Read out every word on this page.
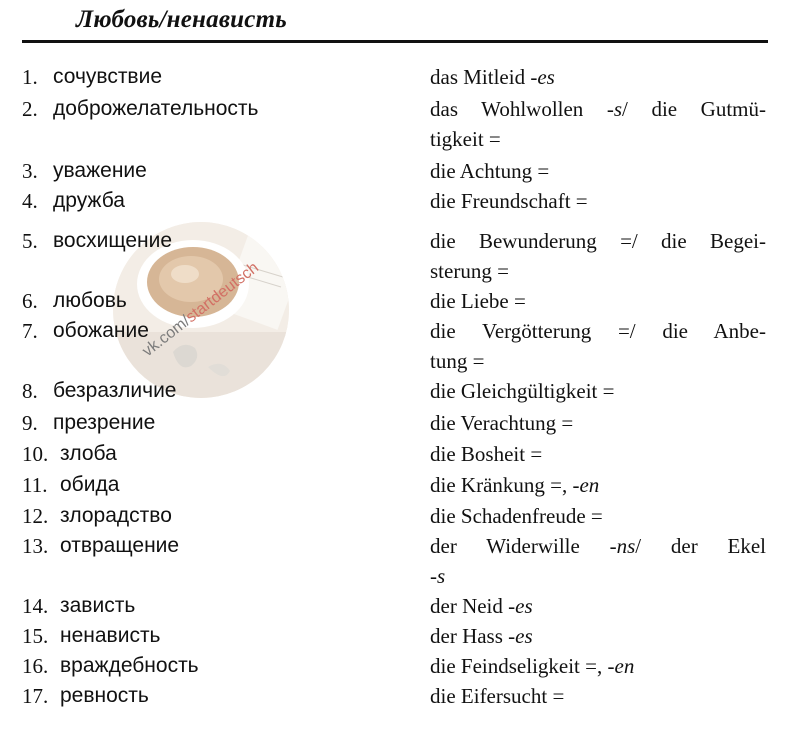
Любовь/ненависть
vk.com/
startdeutsch
1. сочувствие	das Mitleid -es
2. доброжелательность	das Wohlwollen -s/ die Gutmü-
tigkeit =
3. уважение	die Achtung =
4. дружба	die Freundschaft =
5. восхищение	die Bewunderung =/ die Begei-
sterung =
6. любовь	die Liebe =
7. обожание	die Vergötterung =/ die Anbe-
tung =
8. безразличие	die Gleichgültigkeit =
9. презрение	die Verachtung =
10. злоба	die Bosheit =
11. обида	die Kränkung =, -en
12. злорадство	die Schadenfreude =
13. отвращение	der Widerwille -ns/ der Ekel
-s
14. зависть	der Neid -es
15. ненависть	der Hass -es
16. враждебность	die Feindseligkeit =, -en
17. ревность	die Eifersucht =
